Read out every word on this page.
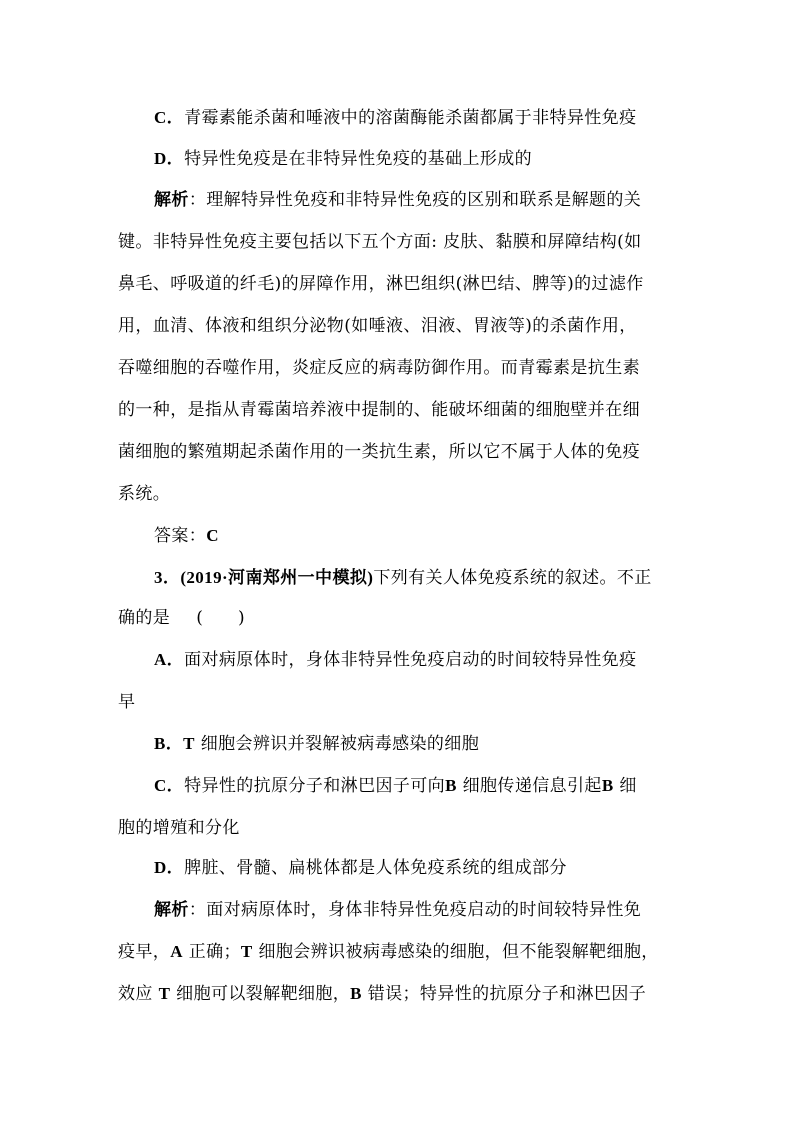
C．青霉素能杀菌和唾液中的溶菌酶能杀菌都属于非特异性免疫
D．特异性免疫是在非特异性免疫的基础上形成的
解析：理解特异性免疫和非特异性免疫的区别和联系是解题的关
键。非特异性免疫主要包括以下五个方面: 皮肤、黏膜和屏障结构(如
鼻毛、呼吸道的纤毛)的屏障作用，淋巴组织(淋巴结、脾等)的过滤作
用，血清、体液和组织分泌物(如唾液、泪液、胃液等)的杀菌作用，
吞噬细胞的吞噬作用，炎症反应的病毒防御作用。而青霉素是抗生素
的一种，是指从青霉菌培养液中提制的、能破坏细菌的细胞壁并在细
菌细胞的繁殖期起杀菌作用的一类抗生素，所以它不属于人体的免疫
系统。
答案：C
3．(2019·河南郑州一中模拟)下列有关人体免疫系统的叙述。不正
确的是 (　　)
A．面对病原体时，身体非特异性免疫启动的时间较特异性免疫
早
B．T 细胞会辨识并裂解被病毒感染的细胞
C．特异性的抗原分子和淋巴因子可向B 细胞传递信息引起B 细
胞的增殖和分化
D．脾脏、骨髓、扁桃体都是人体免疫系统的组成部分
解析：面对病原体时，身体非特异性免疫启动的时间较特异性免
疫早，A 正确；T 细胞会辨识被病毒感染的细胞，但不能裂解靶细胞，
效应 T 细胞可以裂解靶细胞，B 错误；特异性的抗原分子和淋巴因子
